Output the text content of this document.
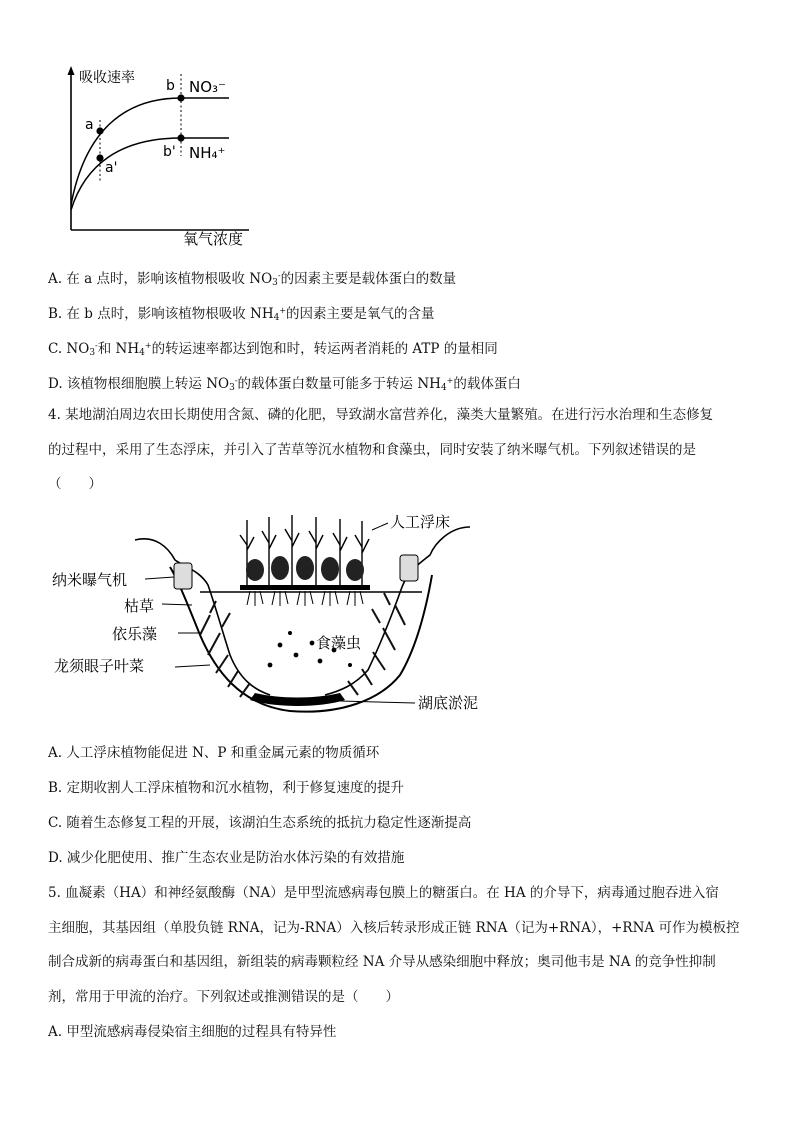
吸收速率
氧气浓度
a
a'
b
b'
NO₃⁻
NH₄⁺
A. 在 a 点时，影响该植物根吸收 $NO_3^-$的因素主要是载体蛋白的数量
B. 在 b 点时，影响该植物根吸收 $NH_4^+$的因素主要是氧气的含量
C. $NO_3^-$和 $NH_4^+$的转运速率都达到饱和时，转运两者消耗的 ATP 的量相同
D. 该植物根细胞膜上转运 $NO_3^-$的载体蛋白数量可能多于转运 $NH_4^+$的载体蛋白
4. 某地湖泊周边农田长期使用含氮、磷的化肥，导致湖水富营养化，藻类大量繁殖。在进行污水治理和生态修复
的过程中，采用了生态浮床，并引入了苦草等沉水植物和食藻虫，同时安装了纳米曝气机。下列叙述错误的是
（　　）
人工浮床
纳米曝气机
枯草
依乐藻
龙须眼子叶菜
食藻虫
湖底淤泥
A. 人工浮床植物能促进 N、P 和重金属元素的物质循环
B. 定期收割人工浮床植物和沉水植物，利于修复速度的提升
C. 随着生态修复工程的开展，该湖泊生态系统的抵抗力稳定性逐渐提高
D. 减少化肥使用、推广生态农业是防治水体污染的有效措施
5. 血凝素（HA）和神经氨酸酶（NA）是甲型流感病毒包膜上的糖蛋白。在 HA 的介导下，病毒通过胞吞进入宿
主细胞，其基因组（单股负链 RNA，记为-RNA）入核后转录形成正链 RNA（记为+RNA），+RNA 可作为模板控
制合成新的病毒蛋白和基因组，新组装的病毒颗粒经 NA 介导从感染细胞中释放；奥司他韦是 NA 的竞争性抑制
剂，常用于甲流的治疗。下列叙述或推测错误的是（　　）
A. 甲型流感病毒侵染宿主细胞的过程具有特异性
